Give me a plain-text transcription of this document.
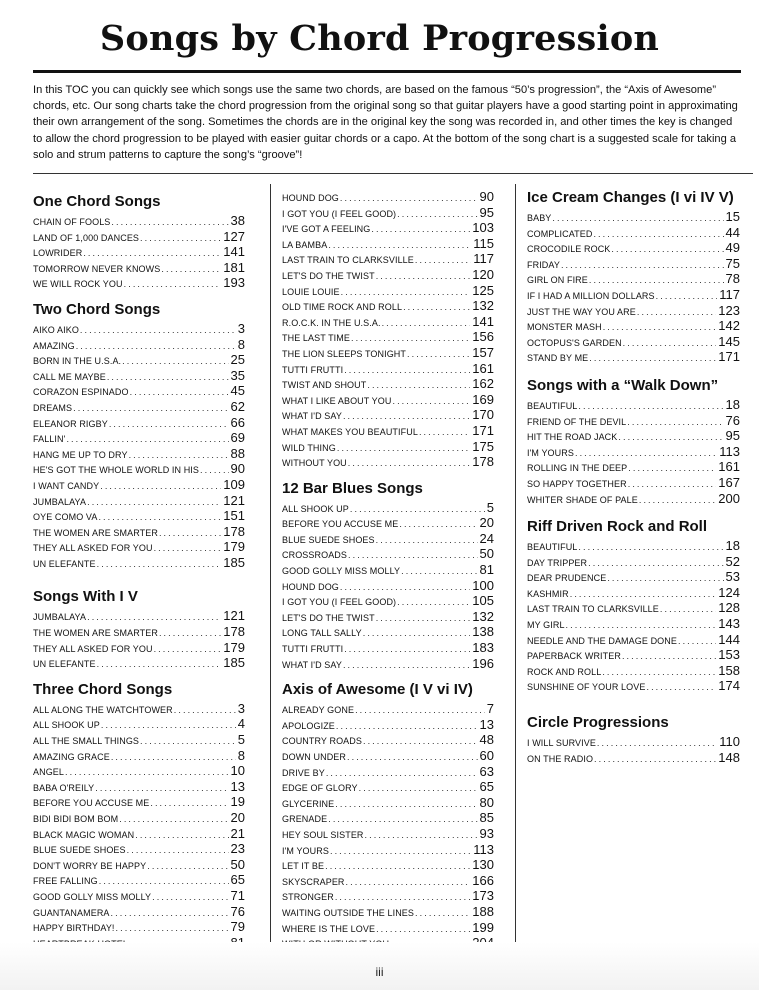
Songs by Chord Progression
In this TOC you can quickly see which songs use the same two chords, are based on the famous “50’s progression”, the “Axis of Awesome” chords, etc. Our song charts take the chord progression from the original song so that guitar players have a good starting point in approximating their own arrangement of the song. Sometimes the chords are in the original key the song was recorded in, and other times the key is changed to allow the chord progression to be played with easier guitar chords or a capo. At the bottom of the song chart is a suggested scale for taking a solo and strum patterns to capture the song’s “groove”!
One Chord Songs
CHAIN OF FOOLS . . .	38
LAND OF 1,000 DANCES . . .	127
LOWRIDER . . .	141
TOMORROW NEVER KNOWS . . .	181
WE WILL ROCK YOU . . .	193
Two Chord Songs
AIKO AIKO . . .	3
AMAZING . . .	8
BORN IN THE U.S.A. . . .	25
CALL ME MAYBE . . .	35
CORAZON ESPINADO . . .	45
DREAMS . . .	62
ELEANOR RIGBY . . .	66
FALLIN' . . .	69
HANG ME UP TO DRY . . .	88
HE'S GOT THE WHOLE WORLD IN HIS . . . 90
I WANT CANDY . . .	109
JUMBALAYA . . .	121
OYE COMO VA . . .	151
THE WOMEN ARE SMARTER . . .	178
THEY ALL ASKED FOR YOU . . .	179
UN ELEFANTE . . .	185
Songs With I V
JUMBALAYA . . .	121
THE WOMEN ARE SMARTER . . .	178
THEY ALL ASKED FOR YOU . . .	179
UN ELEFANTE . . .	185
Three Chord Songs
ALL ALONG THE WATCHTOWER . . .	3
ALL SHOOK UP . . .	4
ALL THE SMALL THINGS . . .	5
AMAZING GRACE . . .	8
ANGEL . . .	10
BABA O'REILY . . .	13
BEFORE YOU ACCUSE ME . . .	19
BIDI BIDI BOM BOM . . .	20
BLACK MAGIC WOMAN . . .	21
BLUE SUEDE SHOES . . .	23
DON'T WORRY BE HAPPY . . .	50
FREE FALLING . . .	65
GOOD GOLLY MISS MOLLY . . .	71
GUANTANAMERA . . .	76
HAPPY BIRTHDAY! . . .	79
. . .
HOUND DOG . . .	90
I GOT YOU (I FEEL GOOD) . . .	95
I'VE GOT A FEELING . . .	103
LA BAMBA . . .	115
LAST TRAIN TO CLARKSVILLE . . .	117
LET'S DO THE TWIST . . .	120
LOUIE LOUIE . . .	125
OLD TIME ROCK AND ROLL . . .	132
R.O.C.K. IN THE U.S.A. . . .	141
THE LAST TIME . . .	156
THE LION SLEEPS TONIGHT . . .	157
TUTTI FRUTTI . . .	161
TWIST AND SHOUT . . .	162
WHAT I LIKE ABOUT YOU . . .	169
WHAT I'D SAY . . .	170
WHAT MAKES YOU BEAUTIFUL . . .	171
WILD THING . . .	175
WITHOUT YOU . . .	178
12 Bar Blues Songs
ALL SHOOK UP . . .	5
BEFORE YOU ACCUSE ME . . .	20
BLUE SUEDE SHOES . . .	24
CROSSROADS . . .	50
GOOD GOLLY MISS MOLLY . . .	81
HOUND DOG . . .	100
I GOT YOU (I FEEL GOOD) . . .	105
LET'S DO THE TWIST . . .	132
LONG TALL SALLY . . .	138
TUTTI FRUTTI . . .	183
WHAT I'D SAY . . .	196
Axis of Awesome (I V vi IV)
ALREADY GONE . . .	7
APOLOGIZE . . .	13
COUNTRY ROADS . . .	48
DOWN UNDER . . .	60
DRIVE BY . . .	63
EDGE OF GLORY . . .	65
GLYCERINE . . .	80
GRENADE . . .	85
HEY SOUL SISTER . . .	93
I'M YOURS . . .	113
LET IT BE . . .	130
SKYSCRAPER . . .	166
STRONGER . . .	173
WAITING OUTSIDE THE LINES . . .	188
WHERE IS THE LOVE . . .	199
. . .
Ice Cream Changes (I vi IV V)
BABY . . .	15
COMPLICATED . . .	44
CROCODILE ROCK . . .	49
FRIDAY . . .	75
GIRL ON FIRE . . .	78
IF I HAD A MILLION DOLLARS . . .	117
JUST THE WAY YOU ARE . . .	123
MONSTER MASH . . .	142
OCTOPUS'S GARDEN . . .	145
STAND BY ME . . .	171
Songs with a “Walk Down”
BEAUTIFUL . . .	18
FRIEND OF THE DEVIL . . .	76
HIT THE ROAD JACK . . .	95
I'M YOURS . . .	113
ROLLING IN THE DEEP . . .	161
SO HAPPY TOGETHER . . .	167
WHITER SHADE OF PALE . . .	200
Riff Driven Rock and Roll
BEAUTIFUL . . .	18
DAY TRIPPER . . .	52
DEAR PRUDENCE . . .	53
KASHMIR . . .	124
LAST TRAIN TO CLARKSVILLE . . .	128
MY GIRL . . .	143
NEEDLE AND THE DAMAGE DONE . . .	144
PAPERBACK WRITER . . .	153
ROCK AND ROLL . . .	158
SUNSHINE OF YOUR LOVE . . .	174
Circle Progressions
I WILL SURVIVE . . .	110
ON THE RADIO . . .	148
iii
